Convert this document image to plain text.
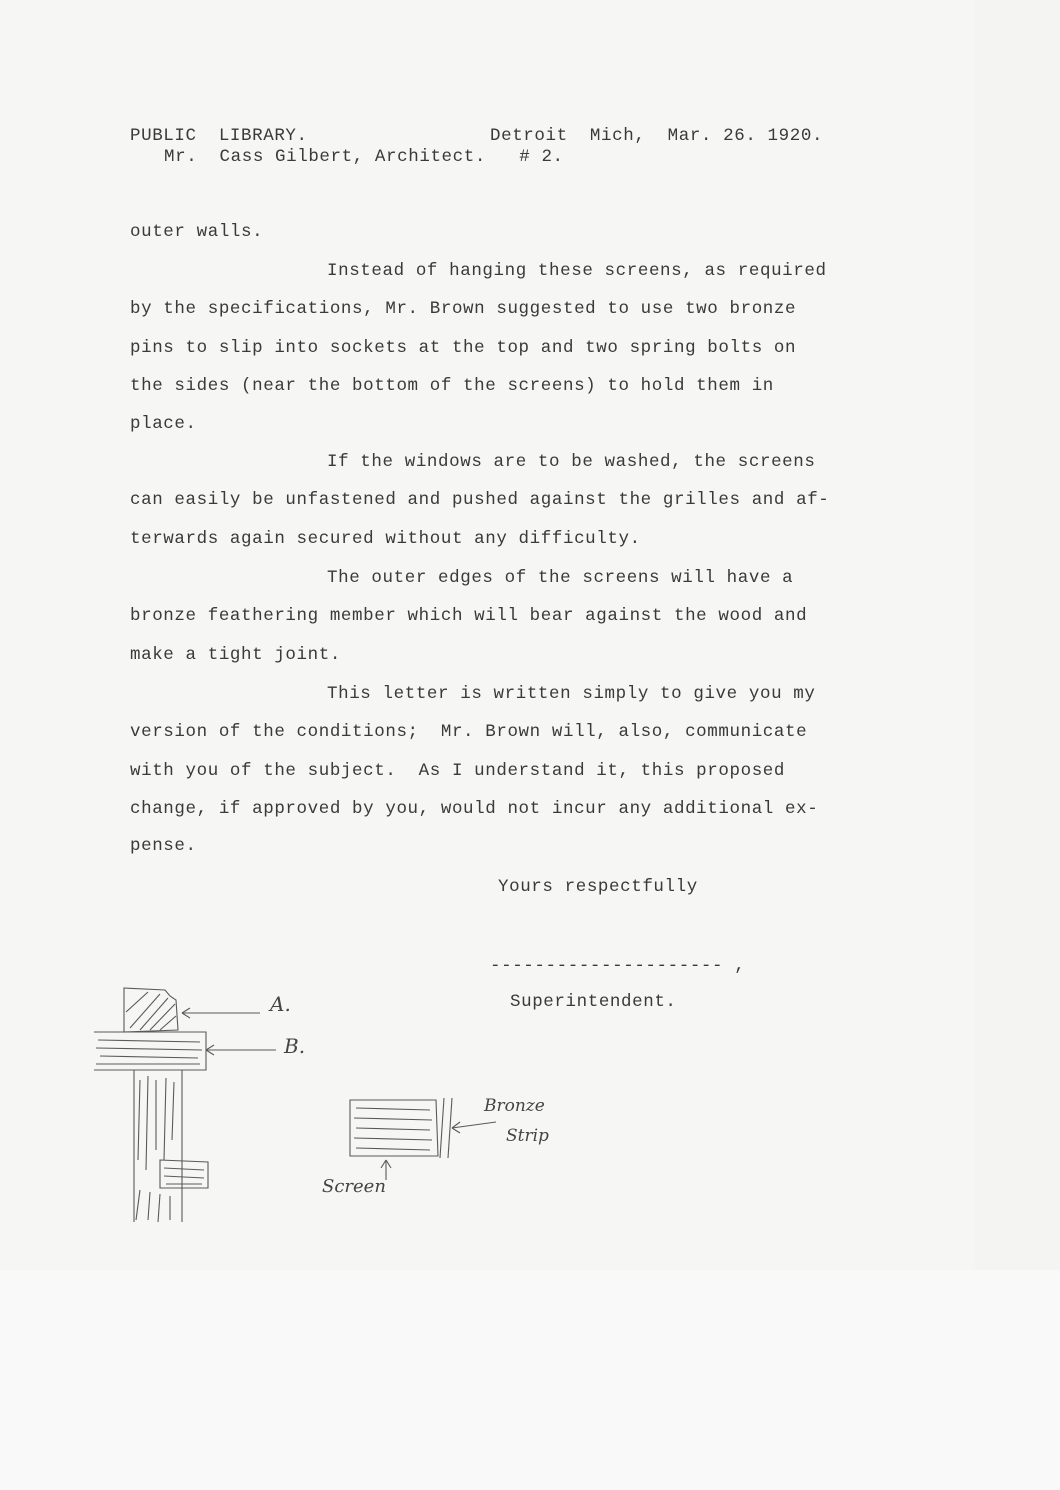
PUBLIC  LIBRARY.	Detroit  Mich,  Mar. 26. 1920.
Mr.  Cass Gilbert, Architect.   # 2.
outer walls.
Instead of hanging these screens, as required
by the specifications, Mr. Brown suggested to use two bronze
pins to slip into sockets at the top and two spring bolts on
the sides (near the bottom of the screens) to hold them in
place.
If the windows are to be washed, the screens
can easily be unfastened and pushed against the grilles and af-
terwards again secured without any difficulty.
The outer edges of the screens will have a
bronze feathering member which will bear against the wood and
make a tight joint.
This letter is written simply to give you my
version of the conditions;  Mr. Brown will, also, communicate
with you of the subject.  As I understand it, this proposed
change, if approved by you, would not incur any additional ex-
pense.
Yours respectfully
--------------------- ,
Superintendent.
A.
B.
Bronze
Strip
Screen
